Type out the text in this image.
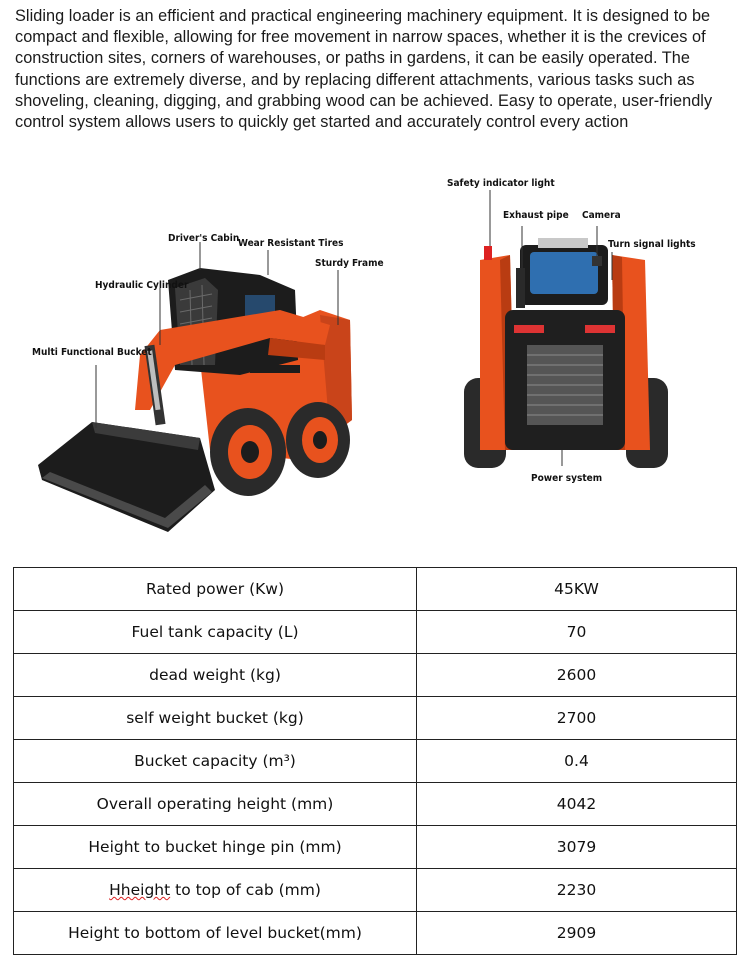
Sliding loader is an efficient and practical engineering machinery equipment. It is designed to be compact and flexible, allowing for free movement in narrow spaces, whether it is the crevices of construction sites, corners of warehouses, or paths in gardens, it can be easily operated. The functions are extremely diverse, and by replacing different attachments, various tasks such as shoveling, cleaning, digging, and grabbing wood can be achieved. Easy to operate, user-friendly control system allows users to quickly get started and accurately control every action

Driver's Cabin
Wear Resistant Tires
Sturdy Frame
Hydraulic Cylinder
Multi Functional Bucket
Safety indicator light
Exhaust pipe Camera
Turn signal lights
Power system
Rated power (Kw)	45KW
Fuel tank capacity (L)	70
dead weight (kg)	2600
self weight bucket (kg)	2700
Bucket capacity (m³)	0.4
Overall operating height (mm)	4042
Height to bucket hinge pin (mm)	3079
Hheight to top of cab (mm)	2230
Height to bottom of level bucket(mm)	2909
